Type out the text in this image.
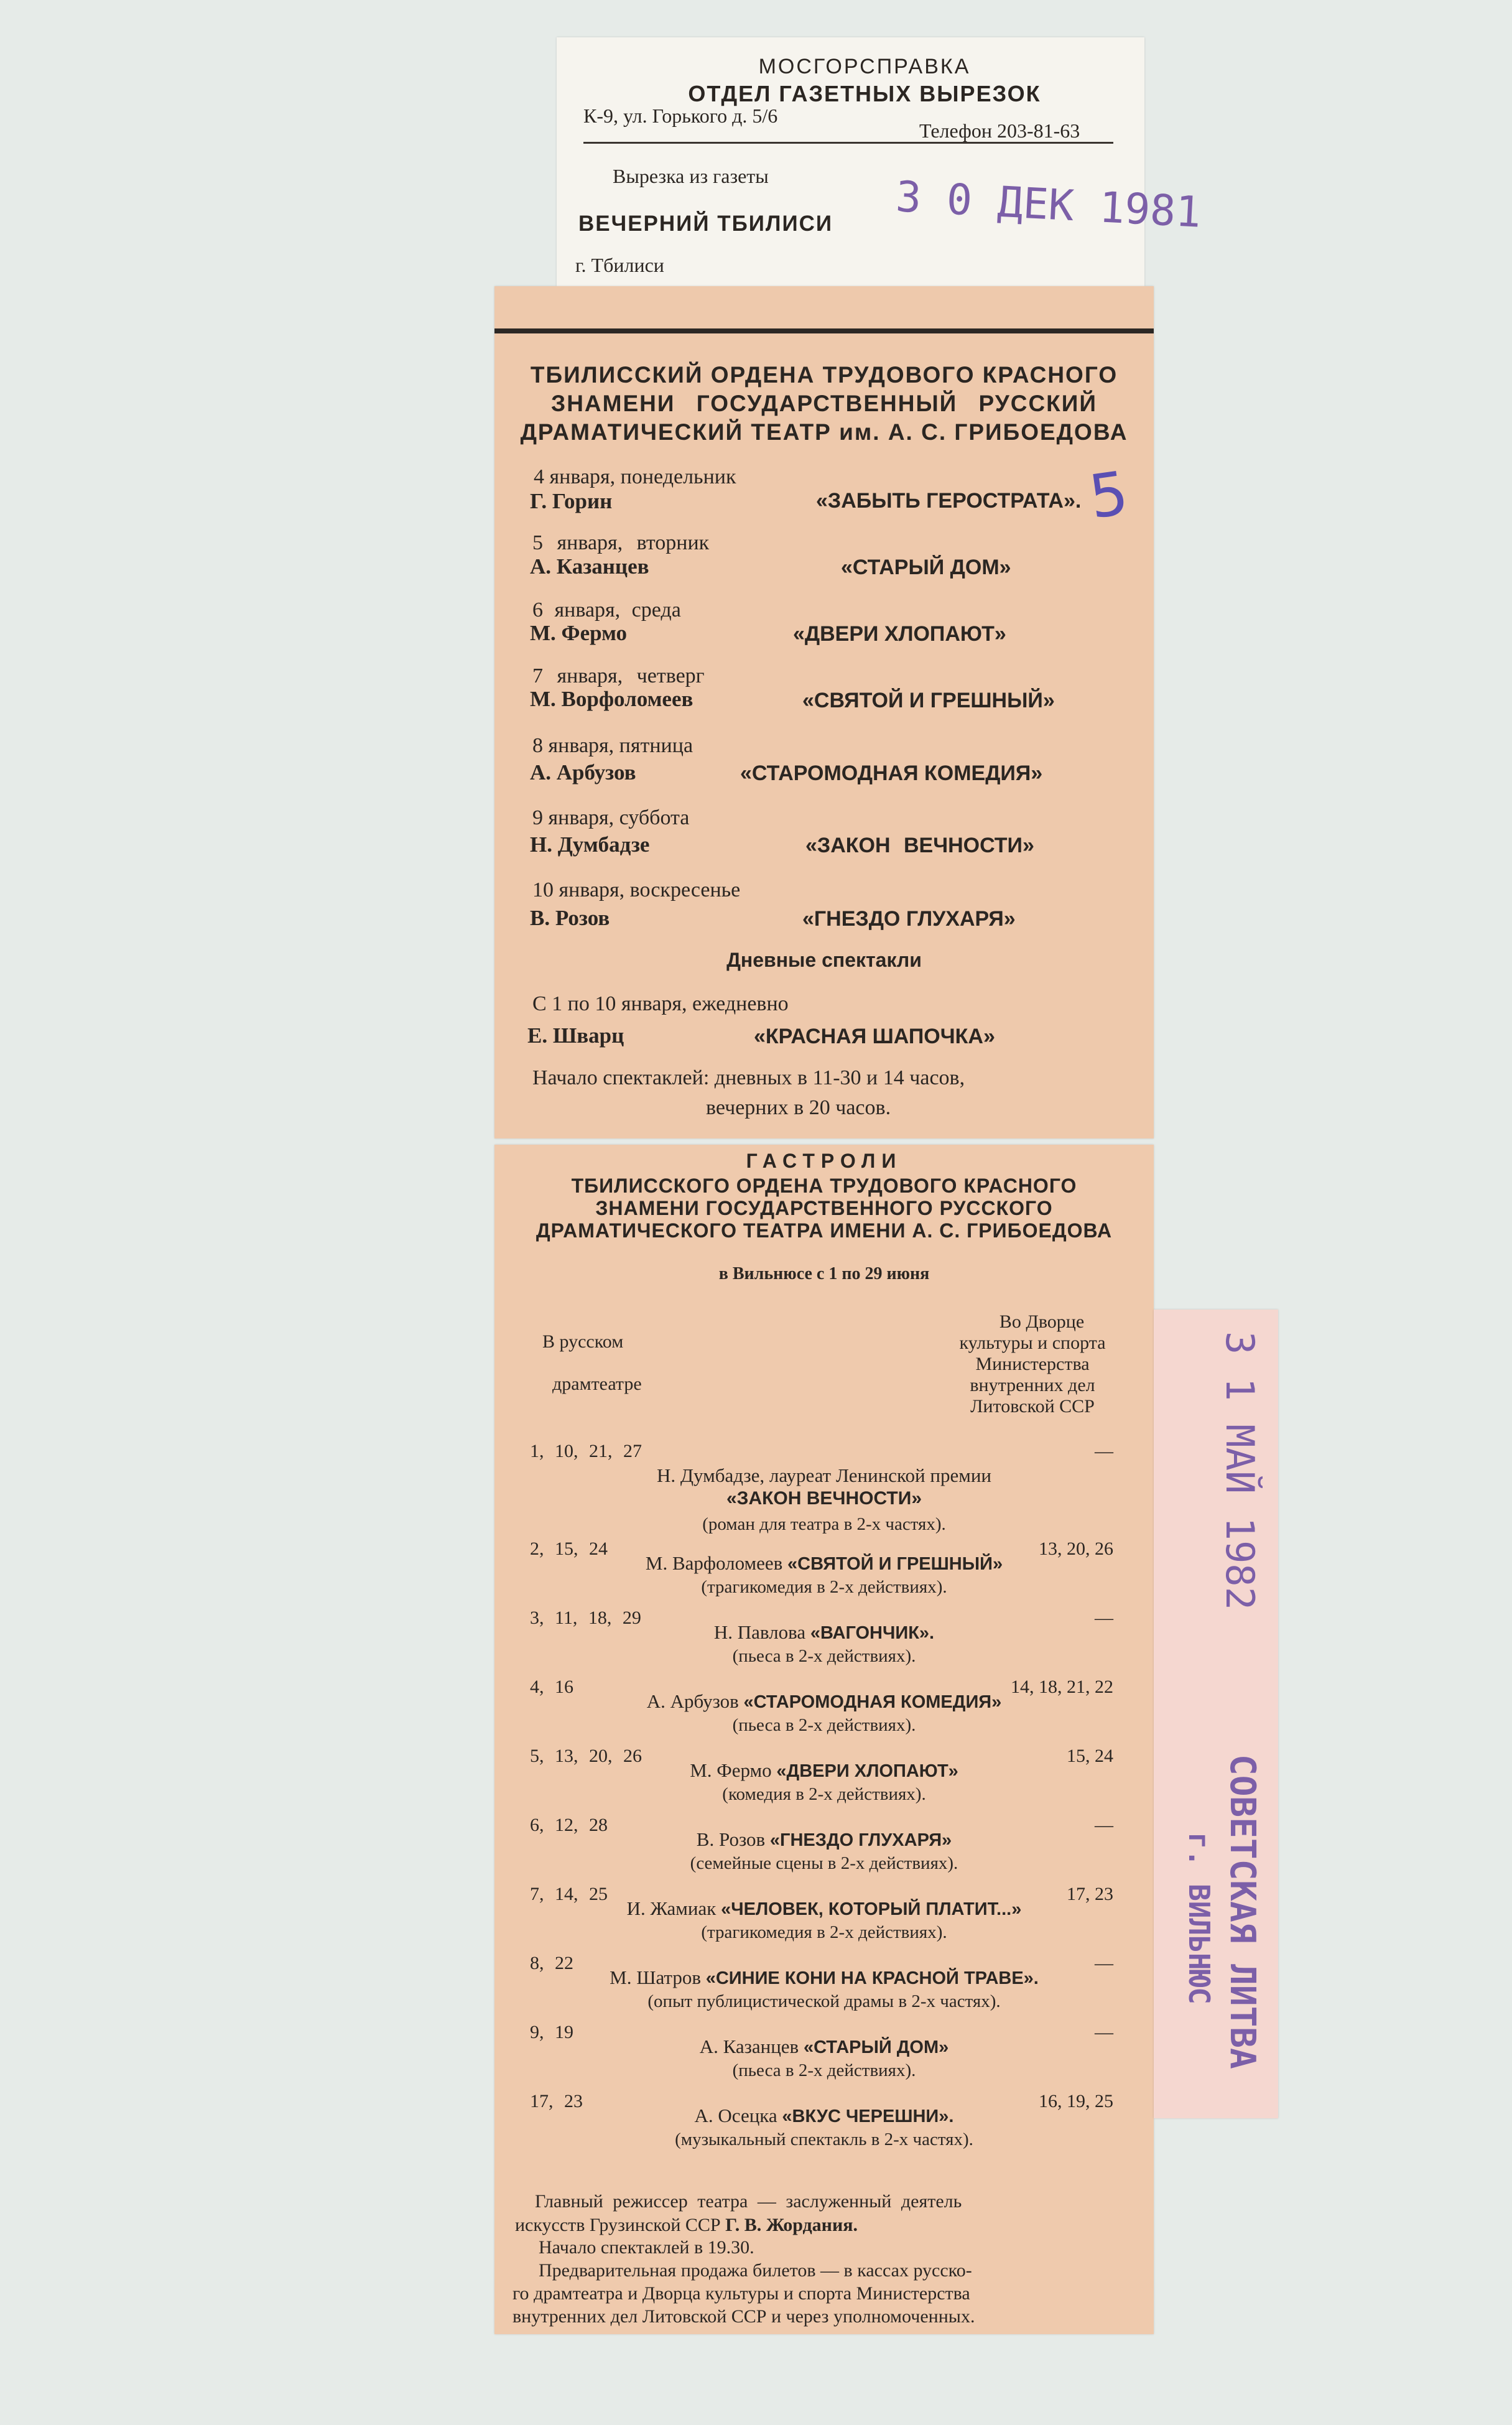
МОСГОРСПРАВКА
ОТДЕЛ ГАЗЕТНЫХ ВЫРЕЗОК
К-9, ул. Горького д. 5/6
Телефон 203-81-63
Вырезка из газеты
ВЕЧЕРНИЙ ТБИЛИСИ
г. Тбилиси
3 0 ДЕК 1981
ТБИЛИССКИЙ ОРДЕНА ТРУДОВОГО КРАСНОГО
ЗНАМЕНИ ГОСУДАРСТВЕННЫЙ РУССКИЙ
ДРАМАТИЧЕСКИЙ ТЕАТР им. А. С. ГРИБОЕДОВА
5
4 января, понедельник
Г. Горин	«ЗАБЫТЬ ГЕРОСТРАТА».
5 января, вторник
А. Казанцев	«СТАРЫЙ ДОМ»
6 января, среда
М. Фермо	«ДВЕРИ ХЛОПАЮТ»
7 января, четверг
М. Ворфоломеев	«СВЯТОЙ И ГРЕШНЫЙ»
8 января, пятница
А. Арбузов	«СТАРОМОДНАЯ КОМЕДИЯ»
9 января, суббота
Н. Думбадзе	«ЗАКОН ВЕЧНОСТИ»
10 января, воскресенье
В. Розов	«ГНЕЗДО ГЛУХАРЯ»
Дневные спектакли
С 1 по 10 января, ежедневно
Е. Шварц	«КРАСНАЯ ШАПОЧКА»
Начало спектаклей: дневных в 11-30 и 14 часов,
вечерних в 20 часов.
ГАСТРОЛИ
ТБИЛИССКОГО ОРДЕНА ТРУДОВОГО КРАСНОГО
ЗНАМЕНИ ГОСУДАРСТВЕННОГО РУССКОГО
ДРАМАТИЧЕСКОГО ТЕАТРА ИМЕНИ А. С. ГРИБОЕДОВА
в Вильнюсе с 1 по 29 июня
В русском
драмтеатре
Во Дворце
культуры и спорта
Министерства
внутренних дел
Литовской ССР
1, 10, 21, 27	—
Н. Думбадзе, лауреат Ленинской премии
«ЗАКОН ВЕЧНОСТИ»
(роман для театра в 2-х частях).
2, 15, 24	13, 20, 26
М. Варфоломеев «СВЯТОЙ И ГРЕШНЫЙ»
(трагикомедия в 2-х действиях).
3, 11, 18, 29	—
Н. Павлова «ВАГОНЧИК».
(пьеса в 2-х действиях).
4, 16	14, 18, 21, 22
А. Арбузов «СТАРОМОДНАЯ КОМЕДИЯ»
(пьеса в 2-х действиях).
5, 13, 20, 26	15, 24
М. Фермо «ДВЕРИ ХЛОПАЮТ»
(комедия в 2-х действиях).
6, 12, 28	—
В. Розов «ГНЕЗДО ГЛУХАРЯ»
(семейные сцены в 2-х действиях).
7, 14, 25	17, 23
И. Жамиак «ЧЕЛОВЕК, КОТОРЫЙ ПЛАТИТ...»
(трагикомедия в 2-х действиях).
8, 22	—
М. Шатров «СИНИЕ КОНИ НА КРАСНОЙ ТРАВЕ».
(опыт публицистической драмы в 2-х частях).
9, 19	—
А. Казанцев «СТАРЫЙ ДОМ»
(пьеса в 2-х действиях).
17, 23	16, 19, 25
А. Осецка «ВКУС ЧЕРЕШНИ».
(музыкальный спектакль в 2-х частях).
Главный режиссер театра — заслуженный деятель
искусств Грузинской ССР Г. В. Жордания.
Начало спектаклей в 19.30.
Предварительная продажа билетов — в кассах русско-
го драмтеатра и Дворца культуры и спорта Министерства
внутренних дел Литовской ССР и через уполномоченных.
3 1 МАЙ 1982
СОВЕТСКАЯ ЛИТВА
г. ВИЛЬНЮС
